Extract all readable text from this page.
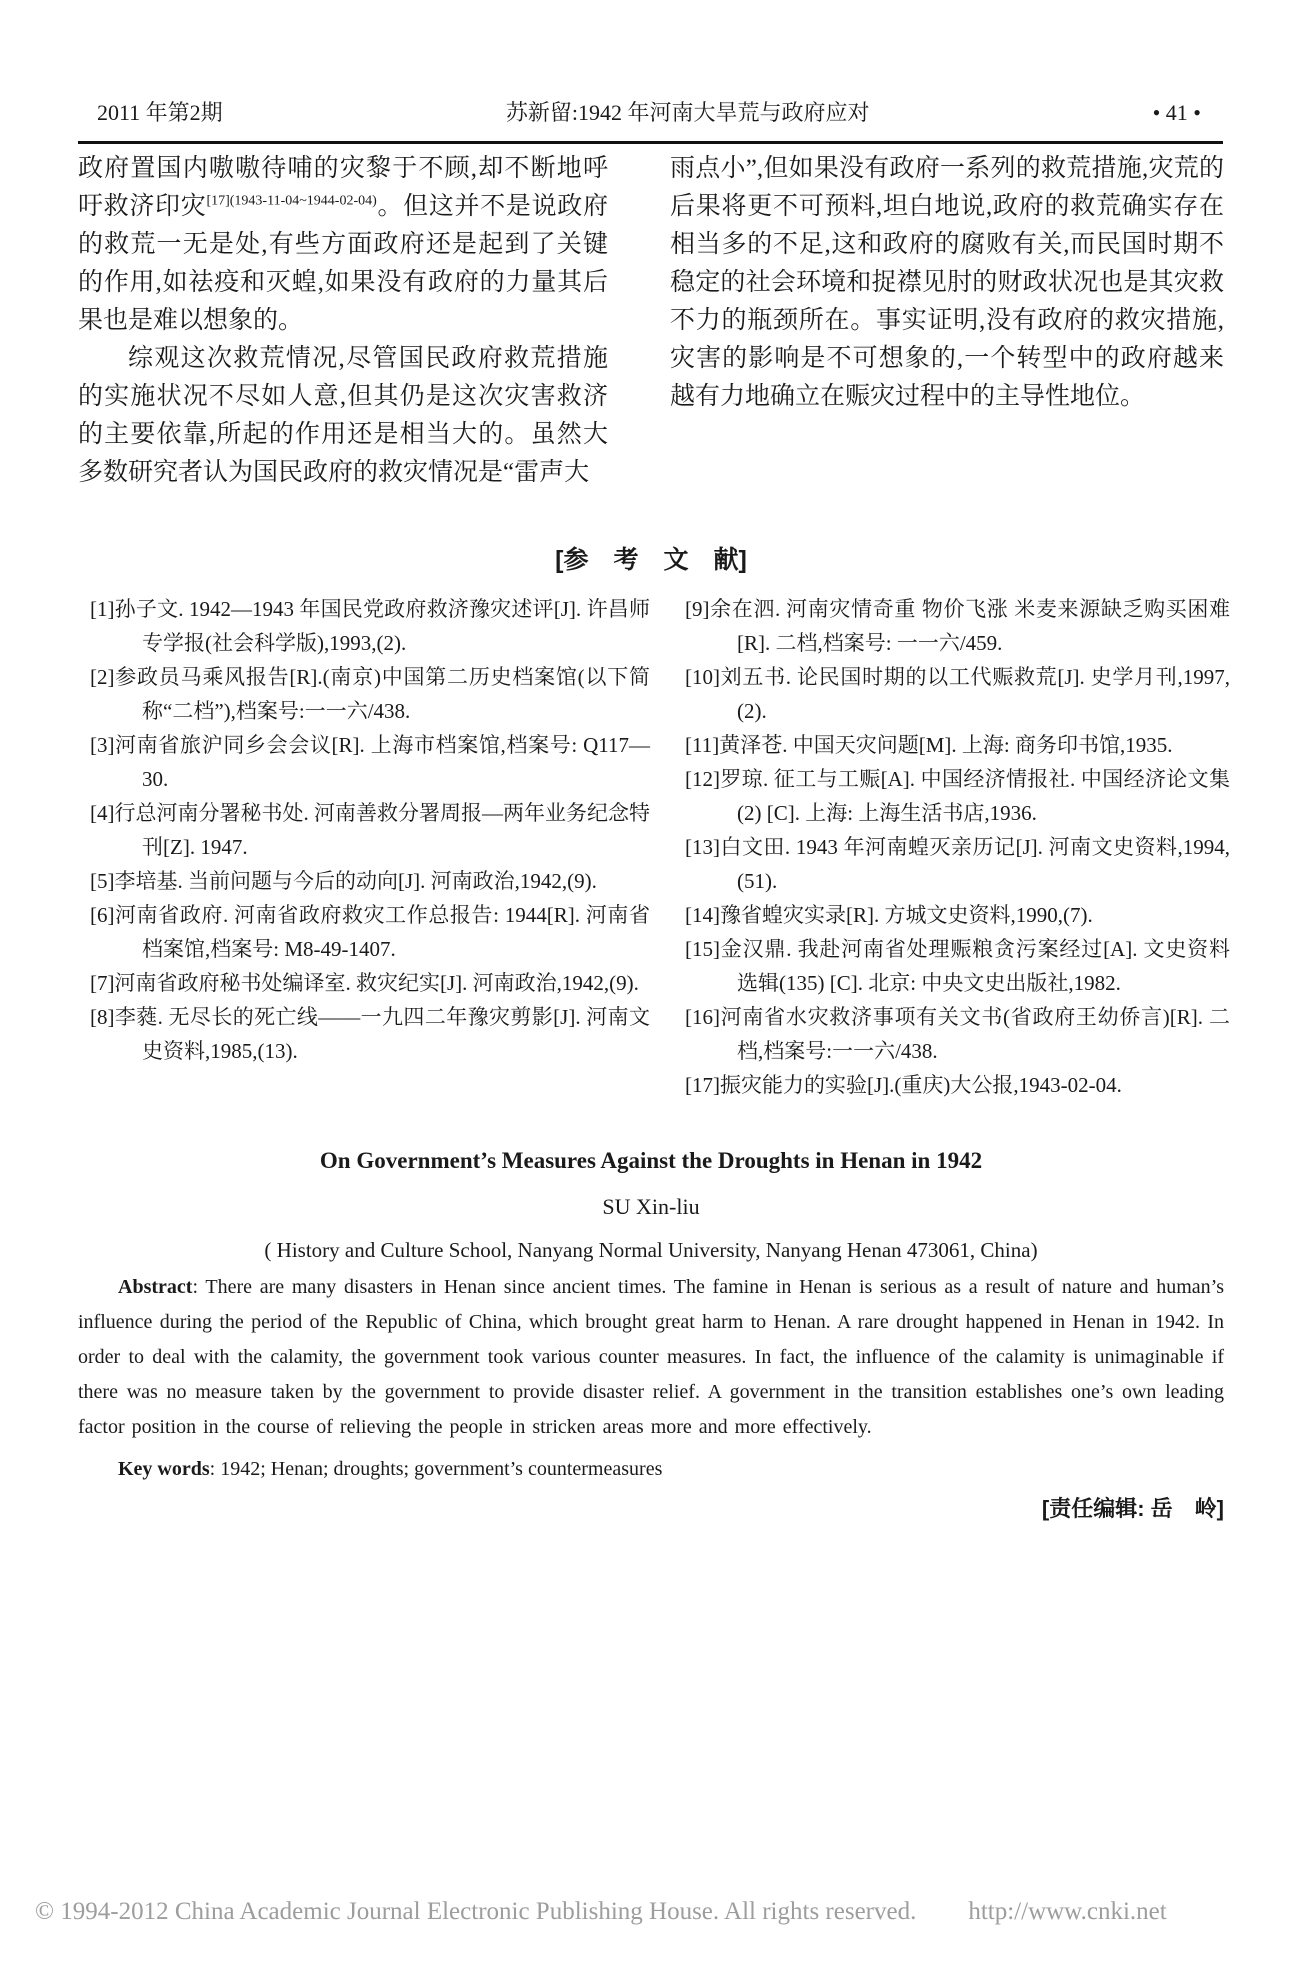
2011 年第2期	苏新留:1942 年河南大旱荒与政府应对	• 41 •

政府置国内嗷嗷待哺的灾黎于不顾,却不断地呼吁救济印灾$^{[17](1943-11-04\sim 1944-02-04)}$。但这并不是说政府的救荒一无是处,有些方面政府还是起到了关键的作用,如祛疫和灭蝗,如果没有政府的力量其后果也是难以想象的。

综观这次救荒情况,尽管国民政府救荒措施的实施状况不尽如人意,但其仍是这次灾害救济的主要依靠,所起的作用还是相当大的。虽然大多数研究者认为国民政府的救灾情况是“雷声大

雨点小”,但如果没有政府一系列的救荒措施,灾荒的后果将更不可预料,坦白地说,政府的救荒确实存在相当多的不足,这和政府的腐败有关,而民国时期不稳定的社会环境和捉襟见肘的财政状况也是其灾救不力的瓶颈所在。事实证明,没有政府的救灾措施,灾害的影响是不可想象的,一个转型中的政府越来越有力地确立在赈灾过程中的主导性地位。

[参　考　文　献]
[1]孙子文. 1942—1943 年国民党政府救济豫灾述评[J]. 许昌师专学报(社会科学版),1993,(2).
[2]参政员马乘风报告[R].(南京)中国第二历史档案馆(以下简称“二档”),档案号:一一六/438.
[3]河南省旅沪同乡会会议[R]. 上海市档案馆,档案号: Q117—30.
[4]行总河南分署秘书处. 河南善救分署周报—两年业务纪念特刊[Z]. 1947.
[5]李培基. 当前问题与今后的动向[J]. 河南政治,1942,(9).
[6]河南省政府. 河南省政府救灾工作总报告: 1944[R]. 河南省档案馆,档案号: M8-49-1407.
[7]河南省政府秘书处编译室. 救灾纪实[J]. 河南政治,1942,(9).
[8]李蕤. 无尽长的死亡线——一九四二年豫灾剪影[J]. 河南文史资料,1985,(13).
[9]余在泗. 河南灾情奇重 物价飞涨 米麦来源缺乏购买困难[R]. 二档,档案号: 一一六/459.
[10]刘五书. 论民国时期的以工代赈救荒[J]. 史学月刊,1997,(2).
[11]黄泽苍. 中国天灾问题[M]. 上海: 商务印书馆,1935.
[12]罗琼. 征工与工赈[A]. 中国经济情报社. 中国经济论文集(2) [C]. 上海: 上海生活书店,1936.
[13]白文田. 1943 年河南蝗灭亲历记[J]. 河南文史资料,1994,(51).
[14]豫省蝗灾实录[R]. 方城文史资料,1990,(7).
[15]金汉鼎. 我赴河南省处理赈粮贪污案经过[A]. 文史资料选辑(135) [C]. 北京: 中央文史出版社,1982.
[16]河南省水灾救济事项有关文书(省政府王幼侨言)[R]. 二档,档案号:一一六/438.
[17]振灾能力的实验[J].(重庆)大公报,1943-02-04.
On Government’s Measures Against the Droughts in Henan in 1942
SU Xin-liu
( History and Culture School, Nanyang Normal University, Nanyang Henan 473061, China)

Abstract: There are many disasters in Henan since ancient times. The famine in Henan is serious as a result of nature and human’s influence during the period of the Republic of China, which brought great harm to Henan. A rare drought happened in Henan in 1942. In order to deal with the calamity, the government took various counter measures. In fact, the influence of the calamity is unimaginable if there was no measure taken by the government to provide disaster relief. A government in the transition establishes one’s own leading factor position in the course of relieving the people in stricken areas more and more effectively.

Key words: 1942; Henan; droughts; government’s countermeasures

[责任编辑: 岳　岭]
© 1994-2012 China Academic Journal Electronic Publishing House. All rights reserved. http://www.cnki.net
